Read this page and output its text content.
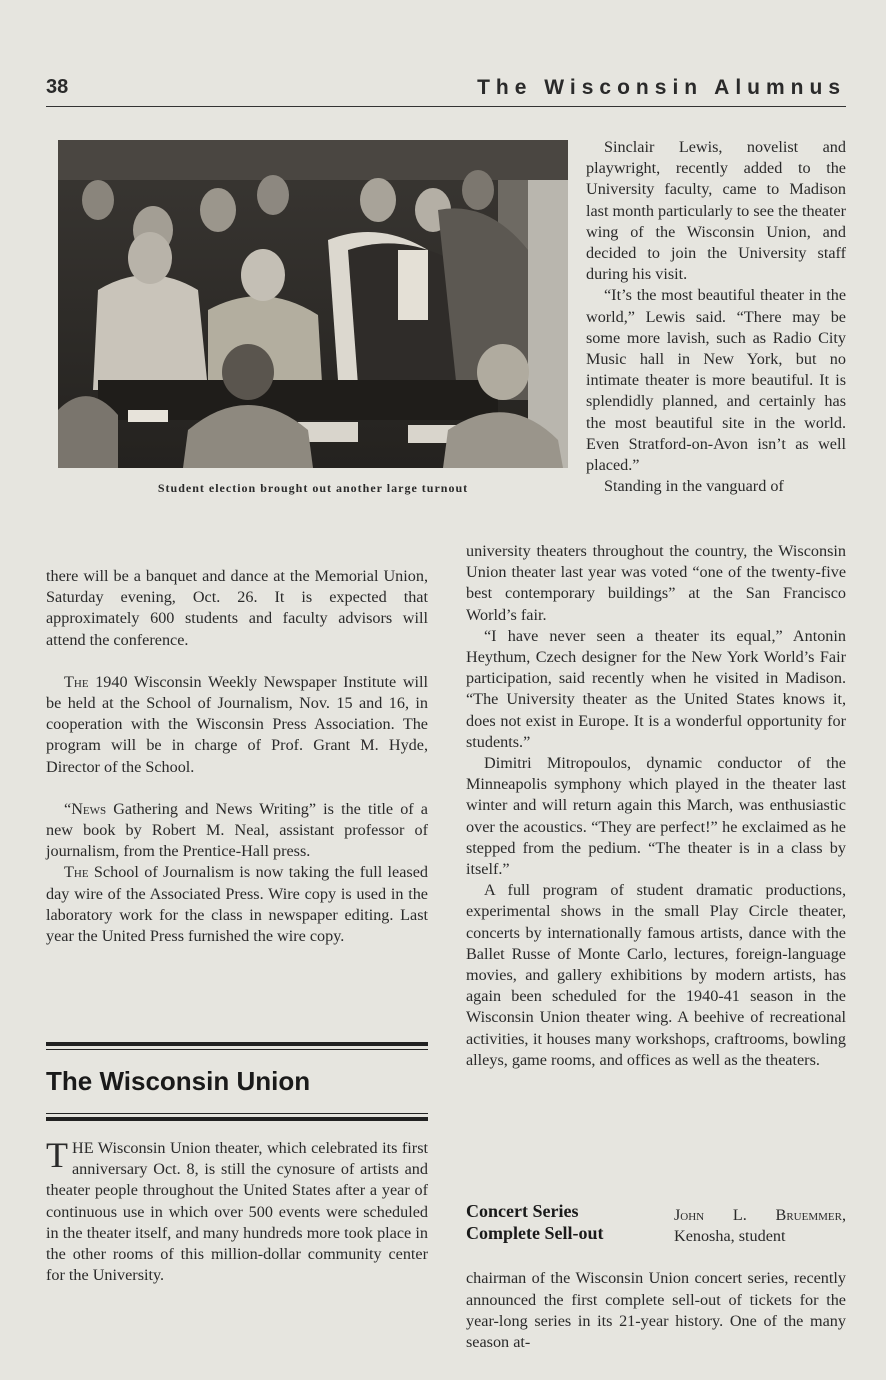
38	The Wisconsin Alumnus
Student election brought out another large turnout

Sinclair Lewis, novelist and playwright, recently added to the University faculty, came to Madison last month particularly to see the theater wing of the Wisconsin Union, and decided to join the University staff during his visit.

“It’s the most beautiful theater in the world,” Lewis said. “There may be some more lavish, such as Radio City Music hall in New York, but no intimate theater is more beautiful. It is splendidly planned, and certainly has the most beautiful site in the world. Even Stratford-on-Avon isn’t as well placed.”

Standing in the vanguard of

university theaters throughout the country, the Wisconsin Union theater last year was voted “one of the twenty-five best contemporary buildings” at the San Francisco World’s fair.

“I have never seen a theater its equal,” Antonin Heythum, Czech designer for the New York World’s Fair participation, said recently when he visited in Madison. “The University theater as the United States knows it, does not exist in Europe. It is a wonderful opportunity for students.”

Dimitri Mitropoulos, dynamic conductor of the Minneapolis symphony which played in the theater last winter and will return again this March, was enthusiastic over the acoustics. “They are perfect!” he exclaimed as he stepped from the pedium. “The theater is in a class by itself.”

A full program of student dramatic productions, experimental shows in the small Play Circle theater, concerts by internationally famous artists, dance with the Ballet Russe of Monte Carlo, lectures, foreign-language movies, and gallery exhibitions by modern artists, has again been scheduled for the 1940-41 season in the Wisconsin Union theater wing. A beehive of recreational activities, it houses many workshops, craftrooms, bowling alleys, game rooms, and offices as well as the theaters.

there will be a banquet and dance at the Memorial Union, Saturday evening, Oct. 26. It is expected that approximately 600 students and faculty advisors will attend the conference.

The 1940 Wisconsin Weekly Newspaper Institute will be held at the School of Journalism, Nov. 15 and 16, in cooperation with the Wisconsin Press Association. The program will be in charge of Prof. Grant M. Hyde, Director of the School.

“News Gathering and News Writing” is the title of a new book by Robert M. Neal, assistant professor of journalism, from the Prentice-Hall press.

The School of Journalism is now taking the full leased day wire of the Associated Press. Wire copy is used in the laboratory work for the class in newspaper editing. Last year the United Press furnished the wire copy.

The Wisconsin Union
THE Wisconsin Union theater, which celebrated its first anniversary Oct. 8, is still the cynosure of artists and theater people throughout the United States after a year of continuous use in which over 500 events were scheduled in the theater itself, and many hundreds more took place in the other rooms of this million-dollar community center for the University.
Concert Series
Complete Sell-out
John L. Bruemmer, Kenosha, student

chairman of the Wisconsin Union concert series, recently announced the first complete sell-out of tickets for the year-long series in its 21-year history. One of the many season at-
